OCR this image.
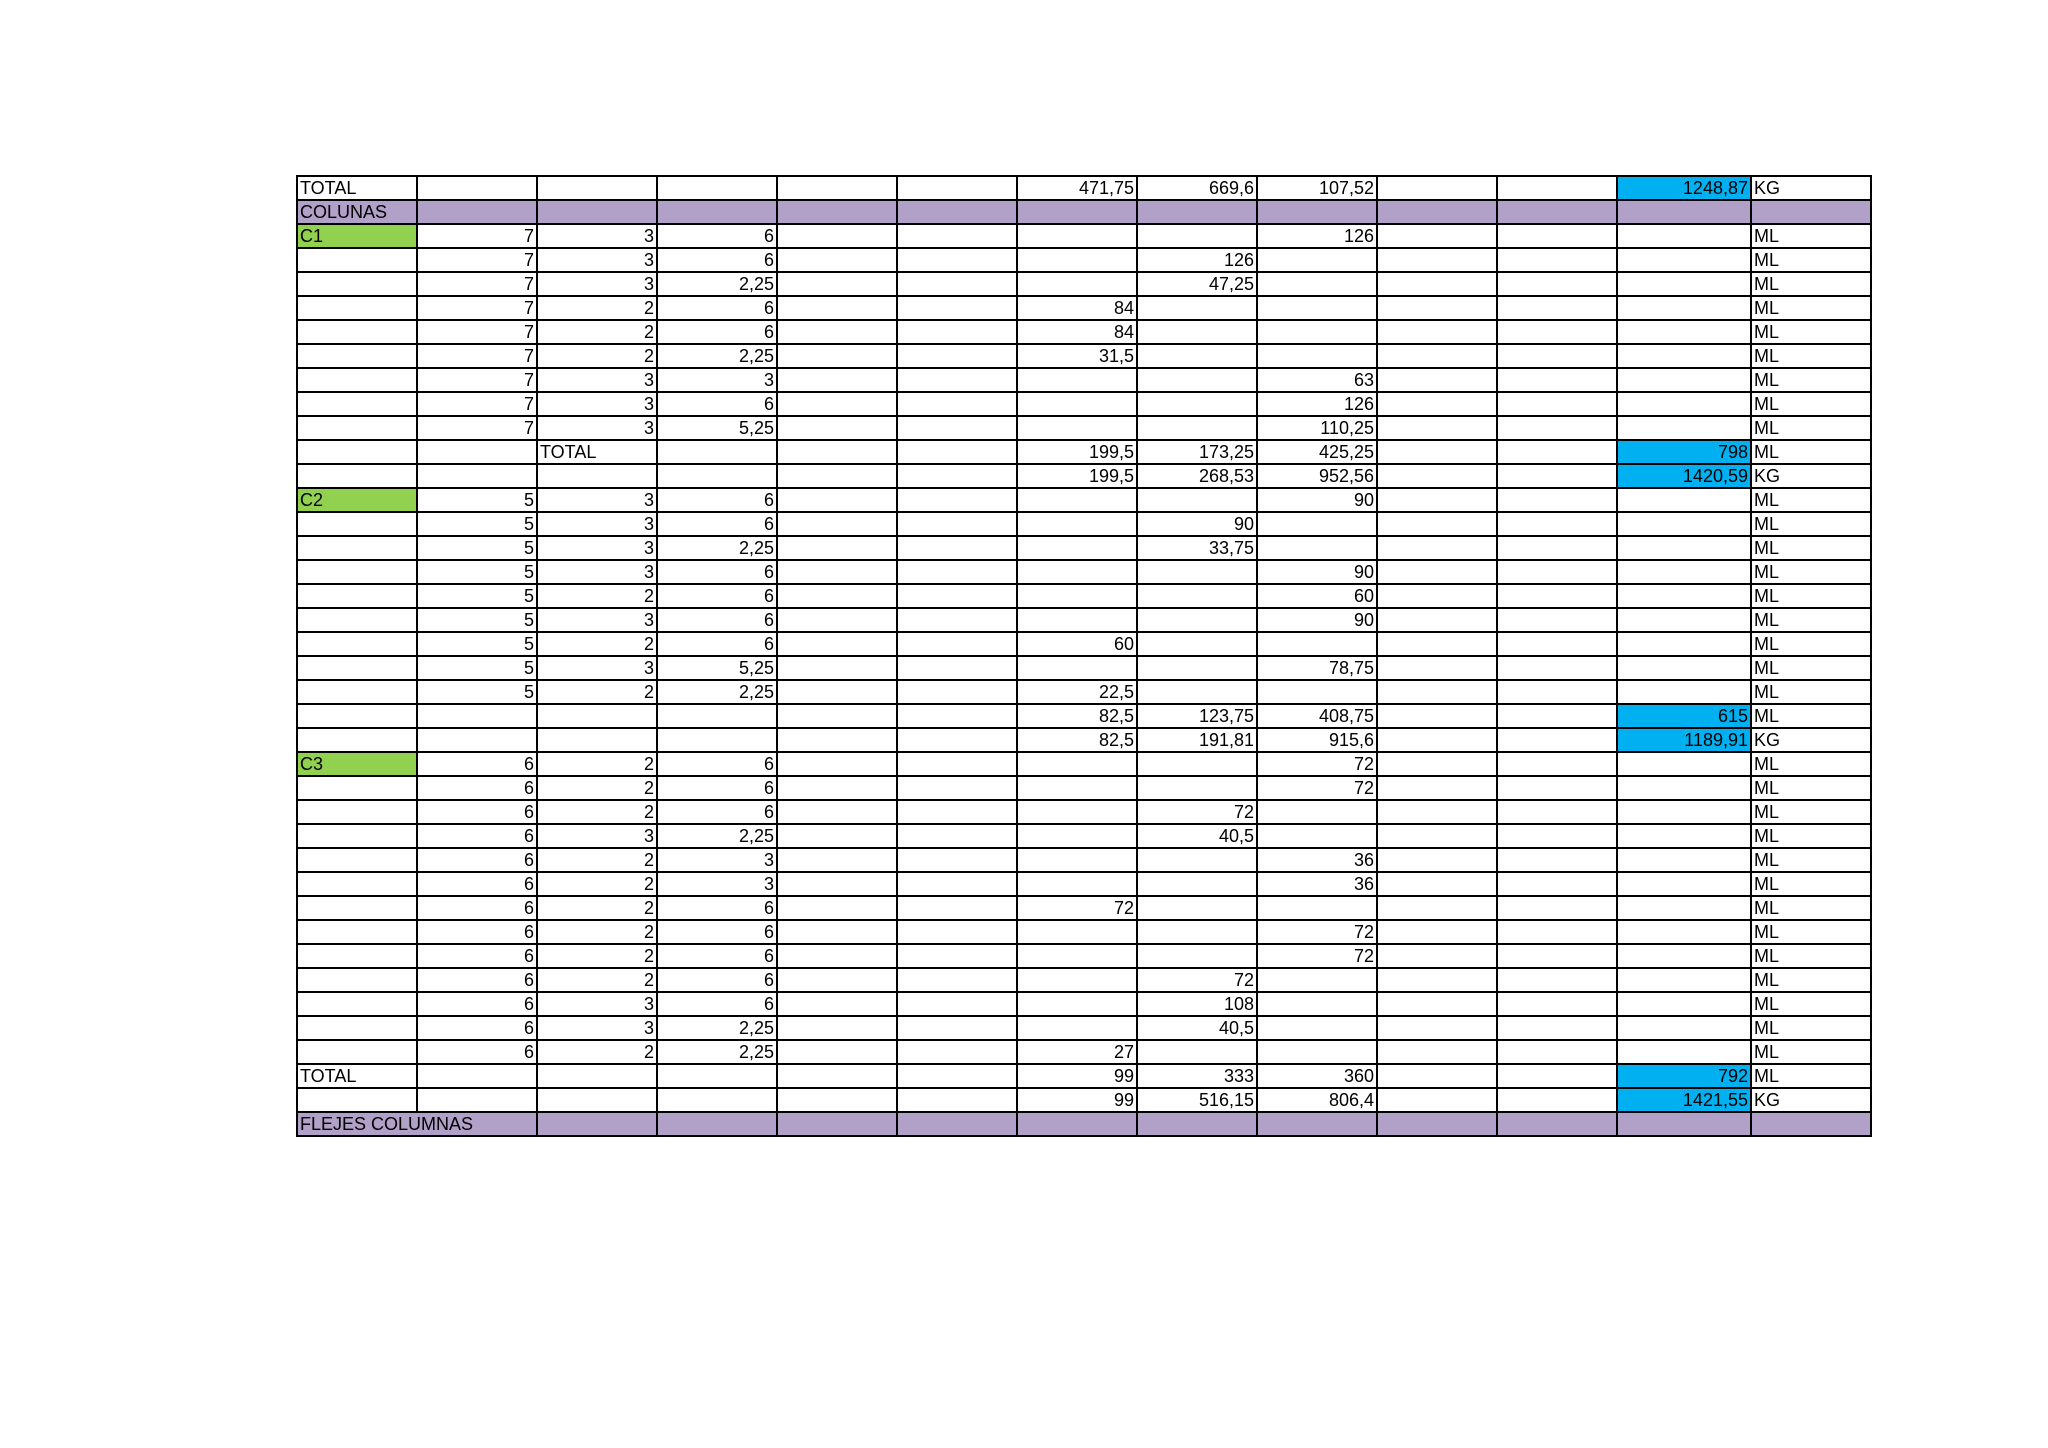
TOTAL						471,75	669,6	107,52			1248,87	KG
COLUNAS												
C1	7	3	6					126				ML
	7	3	6				126					ML
	7	3	2,25				47,25					ML
	7	2	6			84						ML
	7	2	6			84						ML
	7	2	2,25			31,5						ML
	7	3	3					63				ML
	7	3	6					126				ML
	7	3	5,25					110,25				ML
		TOTAL				199,5	173,25	425,25			798	ML
						199,5	268,53	952,56			1420,59	KG
C2	5	3	6					90				ML
	5	3	6				90					ML
	5	3	2,25				33,75					ML
	5	3	6					90				ML
	5	2	6					60				ML
	5	3	6					90				ML
	5	2	6			60						ML
	5	3	5,25					78,75				ML
	5	2	2,25			22,5						ML
						82,5	123,75	408,75			615	ML
						82,5	191,81	915,6			1189,91	KG
C3	6	2	6					72				ML
	6	2	6					72				ML
	6	2	6				72					ML
	6	3	2,25				40,5					ML
	6	2	3					36				ML
	6	2	3					36				ML
	6	2	6			72						ML
	6	2	6					72				ML
	6	2	6					72				ML
	6	2	6				72					ML
	6	3	6				108					ML
	6	3	2,25				40,5					ML
	6	2	2,25			27						ML
TOTAL						99	333	360			792	ML
						99	516,15	806,4			1421,55	KG
FLEJES COLUMNAS												
